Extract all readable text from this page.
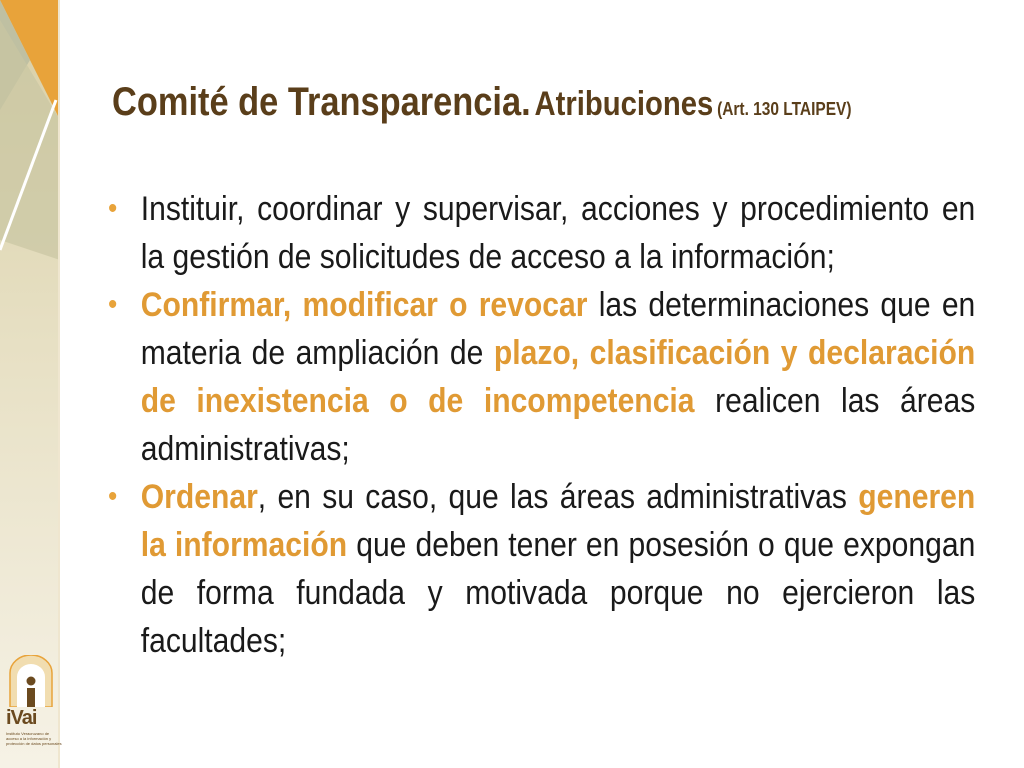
iVai
Instituto Veracruzano de acceso a la información y protección de datos personales
Comité de Transparencia. Atribuciones (Art. 130 LTAIPEV)
• Instituir, coordinar y supervisar, acciones y procedimiento en la gestión de solicitudes de acceso a la información;
• Confirmar, modificar o revocar las determinaciones que en materia de ampliación de plazo, clasificación y declaración de inexistencia o de incompetencia realicen las áreas administrativas;
• Ordenar, en su caso, que las áreas administrativas generen la información que deben tener en posesión o que expongan de forma fundada y motivada porque no ejercieron las facultades;
